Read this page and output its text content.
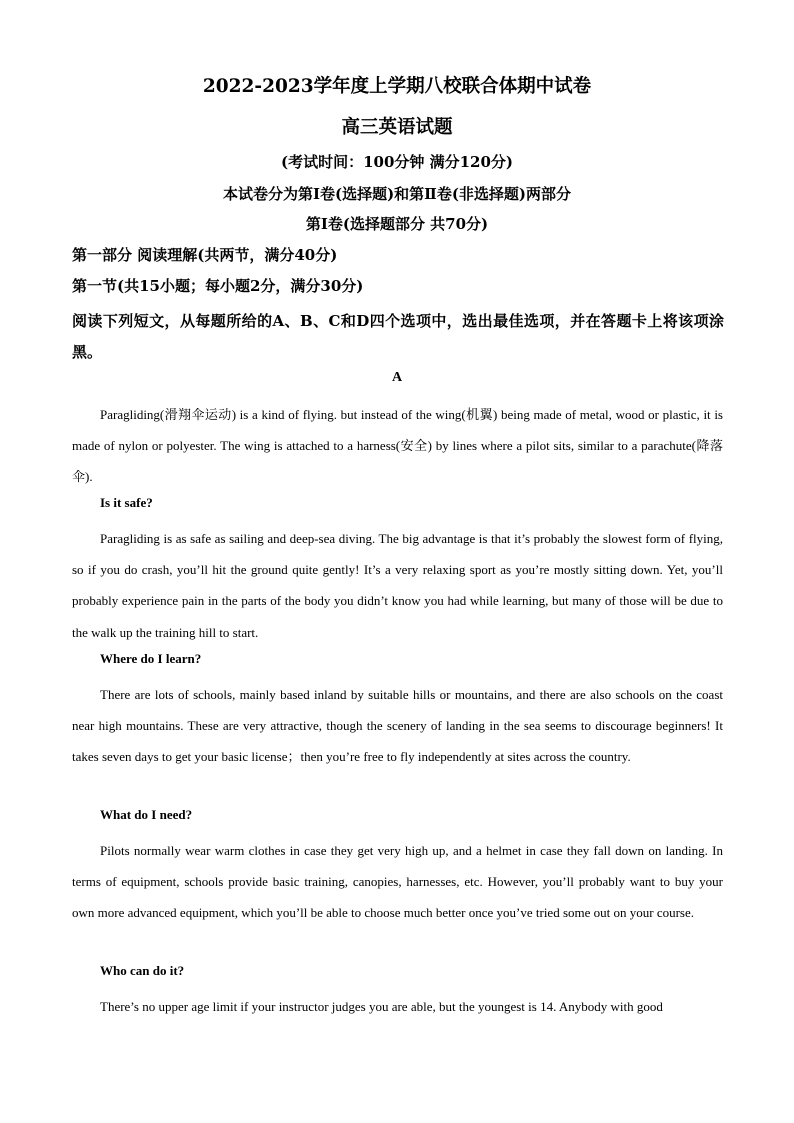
2022-2023学年度上学期八校联合体期中试卷
高三英语试题
(考试时间：100分钟 满分120分)
本试卷分为第Ⅰ卷(选择题)和第Ⅱ卷(非选择题)两部分
第Ⅰ卷(选择题部分 共70分)
第一部分 阅读理解(共两节，满分40分)
第一节(共15小题；每小题2分，满分30分)

阅读下列短文，从每题所给的A、B、C和D四个选项中，选出最佳选项，并在答题卡上将该项涂黑。

A

Paragliding(滑翔伞运动) is a kind of flying. but instead of the wing(机翼) being made of metal, wood or plastic, it is made of nylon or polyester. The wing is attached to a harness(安全) by lines where a pilot sits, similar to a parachute(降落伞).

Is it safe?

Paragliding is as safe as sailing and deep-sea diving. The big advantage is that it’s probably the slowest form of flying, so if you do crash, you’ll hit the ground quite gently! It’s a very relaxing sport as you’re mostly sitting down. Yet, you’ll probably experience pain in the parts of the body you didn’t know you had while learning, but many of those will be due to the walk up the training hill to start.

Where do I learn?

There are lots of schools, mainly based inland by suitable hills or mountains, and there are also schools on the coast near high mountains. These are very attractive, though the scenery of landing in the sea seems to discourage beginners! It takes seven days to get your basic license；then you’re free to fly independently at sites across the country.

What do I need?

Pilots normally wear warm clothes in case they get very high up, and a helmet in case they fall down on landing. In terms of equipment, schools provide basic training, canopies, harnesses, etc. However, you’ll probably want to buy your own more advanced equipment, which you’ll be able to choose much better once you’ve tried some out on your course.

Who can do it?

There’s no upper age limit if your instructor judges you are able, but the youngest is 14. Anybody with good
